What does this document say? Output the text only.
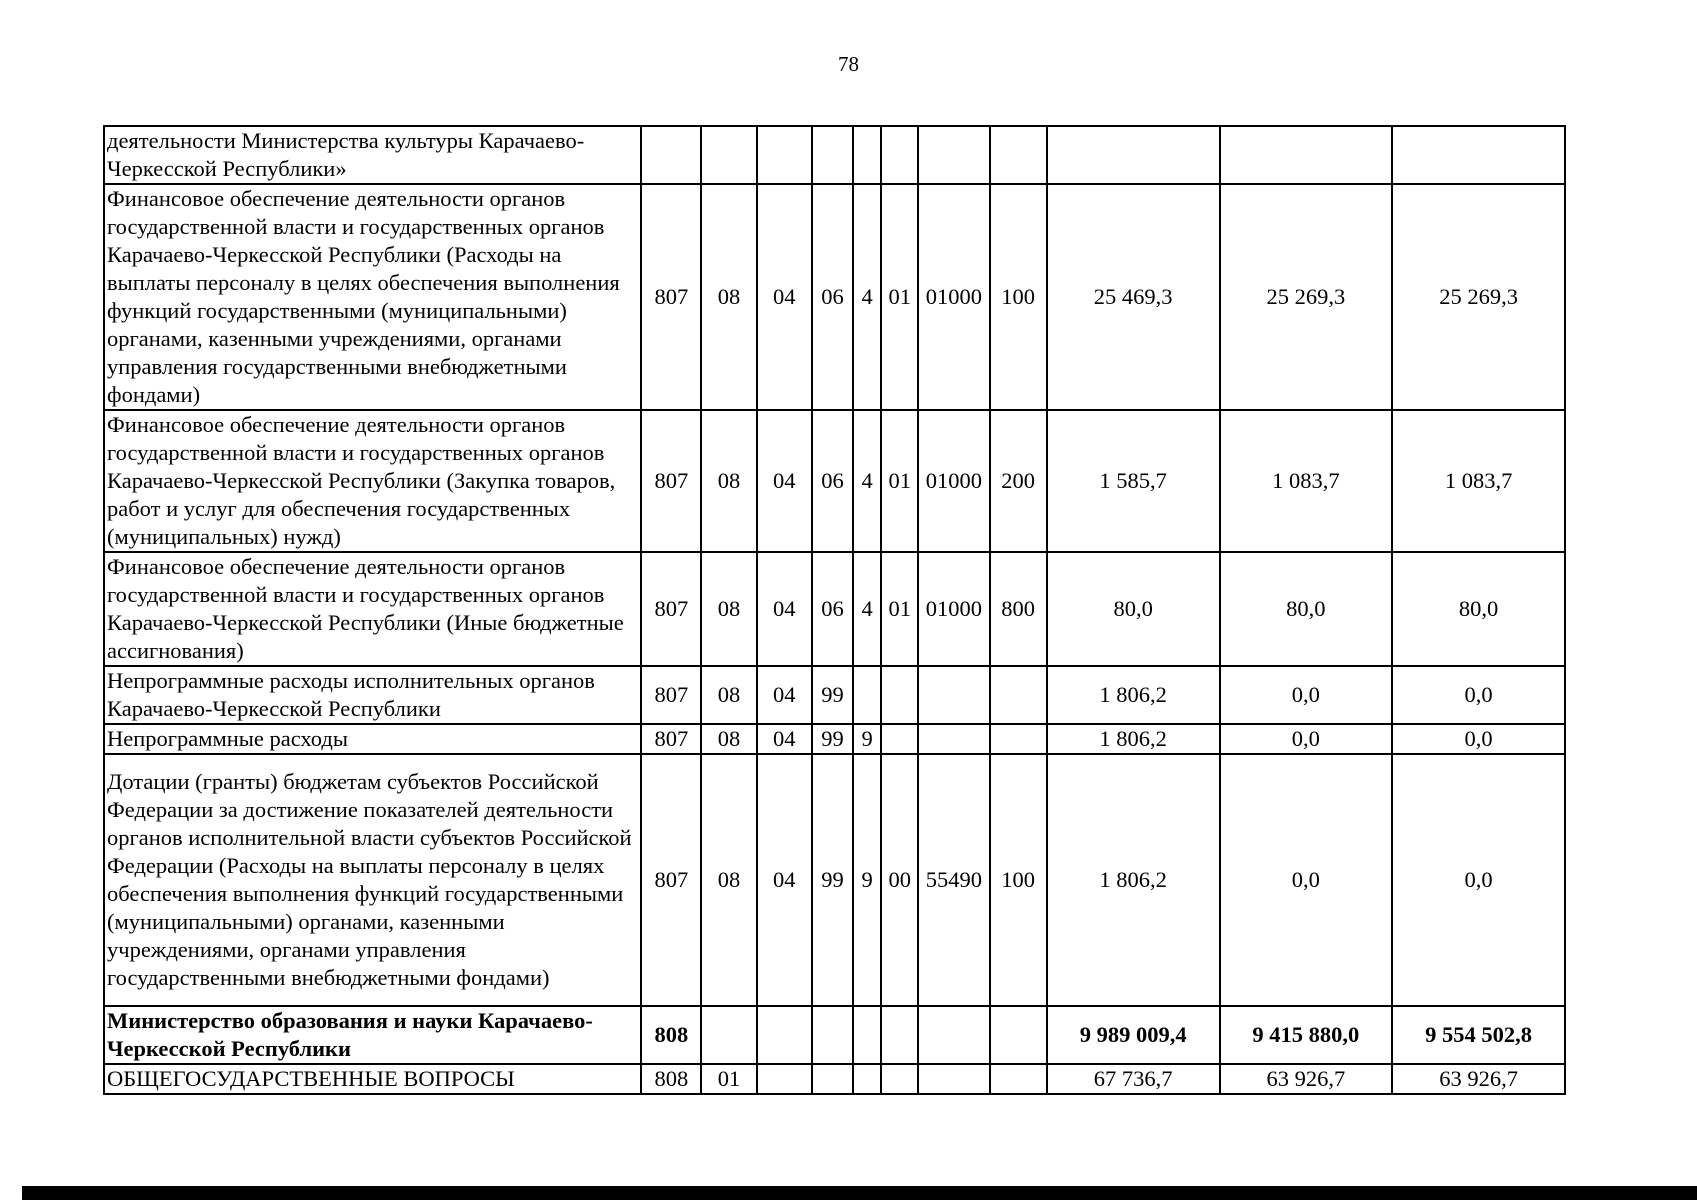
78
деятельности Министерства культуры Карачаево-Черкесской Республики»											
Финансовое обеспечение деятельности органов государственной власти и государственных органов Карачаево-Черкесской Республики (Расходы на выплаты персоналу в целях обеспечения выполнения функций государственными (муниципальными) органами, казенными учреждениями, органами управления государственными внебюджетными фондами)	807	08	04	06	4	01	01000	100	25 469,3	25 269,3	25 269,3
Финансовое обеспечение деятельности органов государственной власти и государственных органов Карачаево-Черкесской Республики (Закупка товаров, работ и услуг для обеспечения государственных (муниципальных) нужд)	807	08	04	06	4	01	01000	200	1 585,7	1 083,7	1 083,7
Финансовое обеспечение деятельности органов государственной власти и государственных органов Карачаево-Черкесской Республики (Иные бюджетные ассигнования)	807	08	04	06	4	01	01000	800	80,0	80,0	80,0
Непрограммные расходы исполнительных органов Карачаево-Черкесской Республики	807	08	04	99					1 806,2	0,0	0,0
Непрограммные расходы	807	08	04	99	9				1 806,2	0,0	0,0
Дотации (гранты) бюджетам субъектов Российской Федерации за достижение показателей деятельности органов исполнительной власти субъектов Российской Федерации (Расходы на выплаты персоналу в целях обеспечения выполнения функций государственными (муниципальными) органами, казенными учреждениями, органами управления государственными внебюджетными фондами)	807	08	04	99	9	00	55490	100	1 806,2	0,0	0,0
Министерство образования и науки Карачаево-Черкесской Республики	808								9 989 009,4	9 415 880,0	9 554 502,8
ОБЩЕГОСУДАРСТВЕННЫЕ ВОПРОСЫ	808	01							67 736,7	63 926,7	63 926,7
